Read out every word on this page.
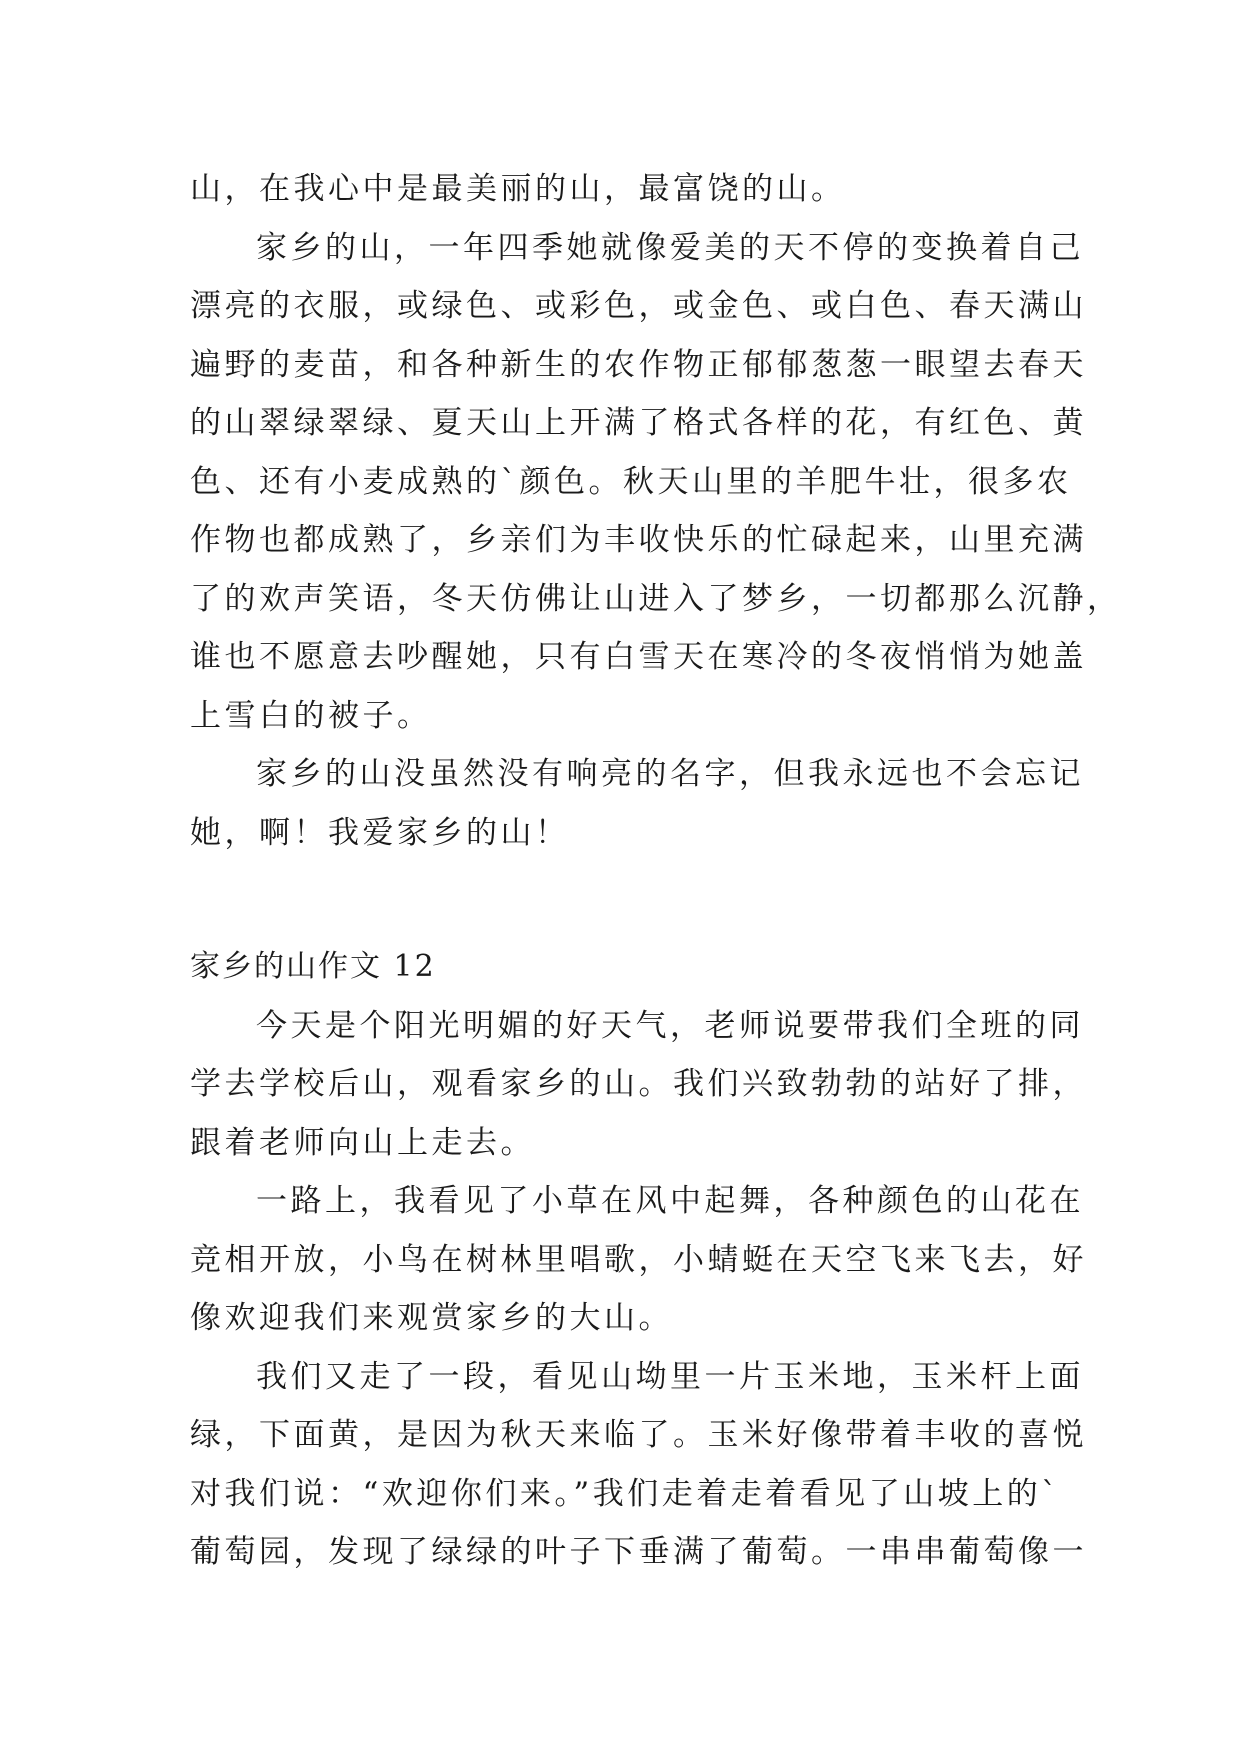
山，在我心中是最美丽的山，最富饶的山。
家乡的山，一年四季她就像爱美的天不停的变换着自己
漂亮的衣服，或绿色、或彩色，或金色、或白色、春天满山
遍野的麦苗，和各种新生的农作物正郁郁葱葱一眼望去春天
的山翠绿翠绿、夏天山上开满了格式各样的花，有红色、黄
色、还有小麦成熟的`颜色。秋天山里的羊肥牛壮，很多农
作物也都成熟了，乡亲们为丰收快乐的忙碌起来，山里充满
了的欢声笑语，冬天仿佛让山进入了梦乡，一切都那么沉静，
谁也不愿意去吵醒她，只有白雪天在寒冷的冬夜悄悄为她盖
上雪白的被子。
家乡的山没虽然没有响亮的名字，但我永远也不会忘记
她，啊！我爱家乡的山！
家乡的山作文 12
今天是个阳光明媚的好天气，老师说要带我们全班的同
学去学校后山，观看家乡的山。我们兴致勃勃的站好了排，
跟着老师向山上走去。
一路上，我看见了小草在风中起舞，各种颜色的山花在
竞相开放，小鸟在树林里唱歌，小蜻蜓在天空飞来飞去，好
像欢迎我们来观赏家乡的大山。
我们又走了一段，看见山坳里一片玉米地，玉米杆上面
绿，下面黄，是因为秋天来临了。玉米好像带着丰收的喜悦
对我们说：“欢迎你们来。”我们走着走着看见了山坡上的`
葡萄园，发现了绿绿的叶子下垂满了葡萄。一串串葡萄像一
